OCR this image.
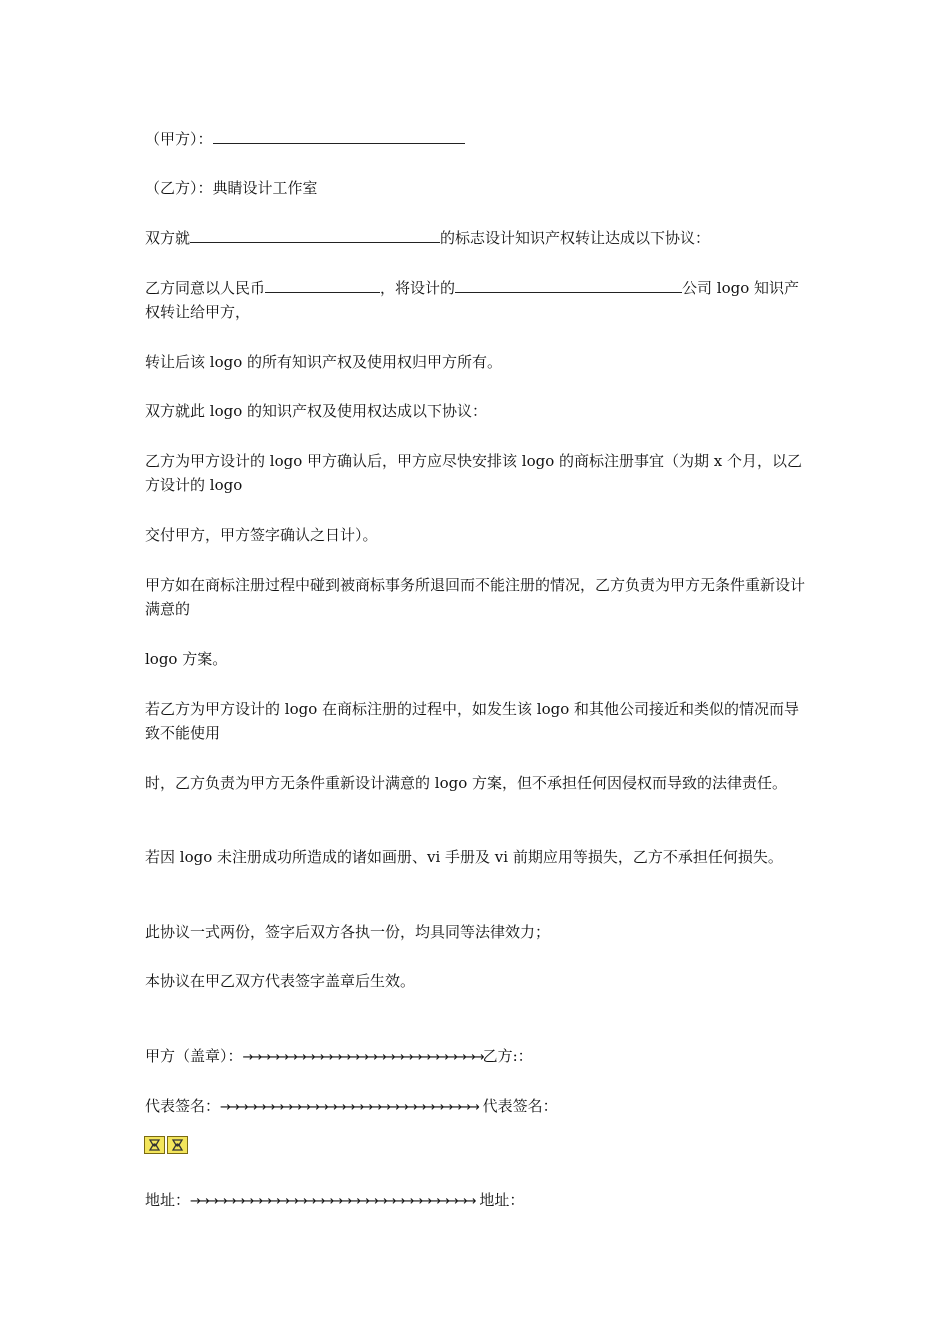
（甲方）：
（乙方）：典睛设计工作室
双方就	的标志设计知识产权转让达成以下协议：
乙方同意以人民币	，将设计的	公司 logo 知识产权转让给甲方，
转让后该 logo 的所有知识产权及使用权归甲方所有。
双方就此 logo 的知识产权及使用权达成以下协议：
乙方为甲方设计的 logo 甲方确认后，甲方应尽快安排该 logo 的商标注册事宜（为期 x 个月，以乙方设计的 logo
交付甲方，甲方签字确认之日计）。
甲方如在商标注册过程中碰到被商标事务所退回而不能注册的情况，乙方负责为甲方无条件重新设计满意的
logo 方案。
若乙方为甲方设计的 logo 在商标注册的过程中，如发生该 logo 和其他公司接近和类似的情况而导致不能使用
时，乙方负责为甲方无条件重新设计满意的 logo 方案，但不承担任何因侵权而导致的法律责任。
若因 logo 未注册成功所造成的诸如画册、vi 手册及 vi 前期应用等损失，乙方不承担任何损失。
此协议一式两份，签字后双方各执一份，均具同等法律效力；
本协议在甲乙双方代表签字盖章后生效。
甲方（盖章）：→→→→→→→→→→→→→→→→→→→→→→→→→→→乙方:：
代表签名：→→→→→→→→→→→→→→→→→→→→→→→→→→→→→ 代表签名：
地址：→→→→→→→→→→→→→→→→→→→→→→→→→→→→→→→→ 地址：
